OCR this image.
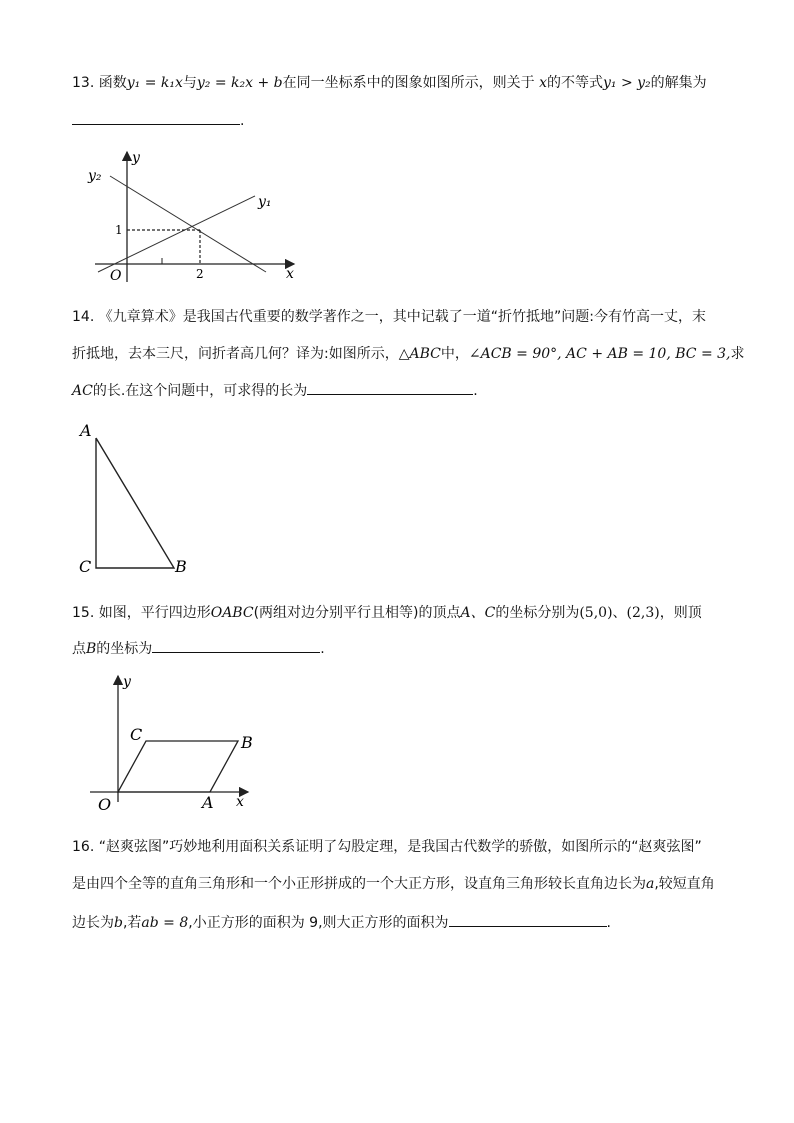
13. 函数y₁ = k₁x与y₂ = k₂x + b在同一坐标系中的图象如图所示，则关于 x的不等式y₁ > y₂的解集为
.
y
x
O
y₂
y₁
1
2
14. 《九章算术》是我国古代重要的数学著作之一，其中记载了一道“折竹抵地”问题:今有竹高一丈，末
折抵地，去本三尺，问折者高几何？译为:如图所示，△ABC中，∠ACB = 90°, AC + AB = 10, BC = 3,求
AC的长.在这个问题中，可求得的长为	.
A
C	B
15. 如图，平行四边形OABC(两组对边分别平行且相等)的顶点A、C的坐标分别为(5,0)、(2,3)，则顶
点B的坐标为	.
y
x
O	A
B
C
16. “赵爽弦图”巧妙地利用面积关系证明了勾股定理，是我国古代数学的骄傲，如图所示的“赵爽弦图”
是由四个全等的直角三角形和一个小正形拼成的一个大正方形，设直角三角形较长直角边长为a,较短直角
边长为b,若ab = 8,小正方形的面积为 9,则大正方形的面积为	.
